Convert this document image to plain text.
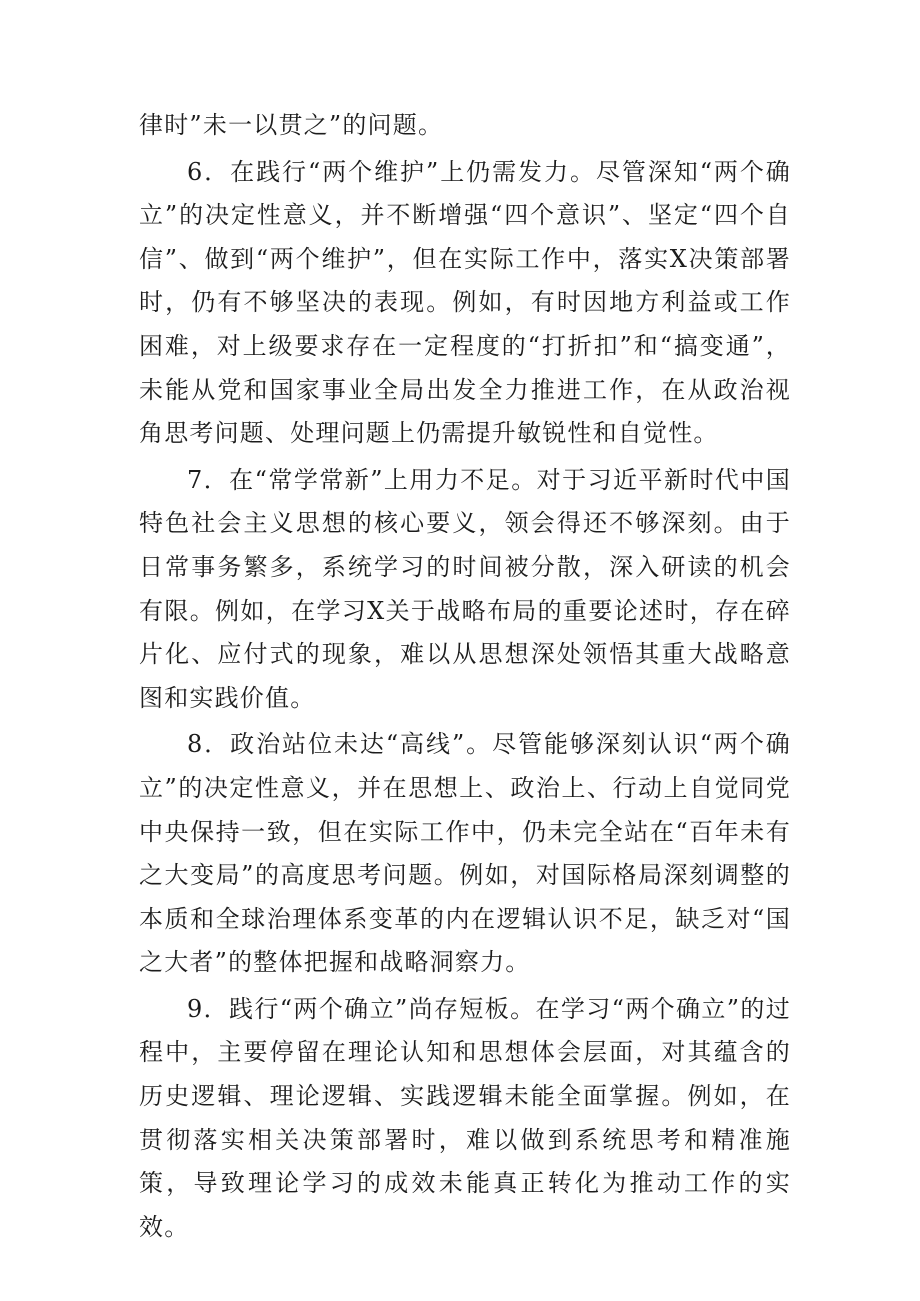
律时”未一以贯之”的问题。

6．在践行“两个维护”上仍需发力。尽管深知“两个确立”的决定性意义，并不断增强“四个意识”、坚定“四个自信”、做到“两个维护”，但在实际工作中，落实X决策部署时，仍有不够坚决的表现。例如，有时因地方利益或工作困难，对上级要求存在一定程度的“打折扣”和“搞变通”，未能从党和国家事业全局出发全力推进工作，在从政治视角思考问题、处理问题上仍需提升敏锐性和自觉性。

7．在“常学常新”上用力不足。对于习近平新时代中国特色社会主义思想的核心要义，领会得还不够深刻。由于日常事务繁多，系统学习的时间被分散，深入研读的机会有限。例如，在学习X关于战略布局的重要论述时，存在碎片化、应付式的现象，难以从思想深处领悟其重大战略意图和实践价值。

8．政治站位未达“高线”。尽管能够深刻认识“两个确立”的决定性意义，并在思想上、政治上、行动上自觉同党中央保持一致，但在实际工作中，仍未完全站在“百年未有之大变局”的高度思考问题。例如，对国际格局深刻调整的本质和全球治理体系变革的内在逻辑认识不足，缺乏对“国之大者”的整体把握和战略洞察力。

9．践行“两个确立”尚存短板。在学习“两个确立”的过程中，主要停留在理论认知和思想体会层面，对其蕴含的历史逻辑、理论逻辑、实践逻辑未能全面掌握。例如，在贯彻落实相关决策部署时，难以做到系统思考和精准施策，导致理论学习的成效未能真正转化为推动工作的实效。
